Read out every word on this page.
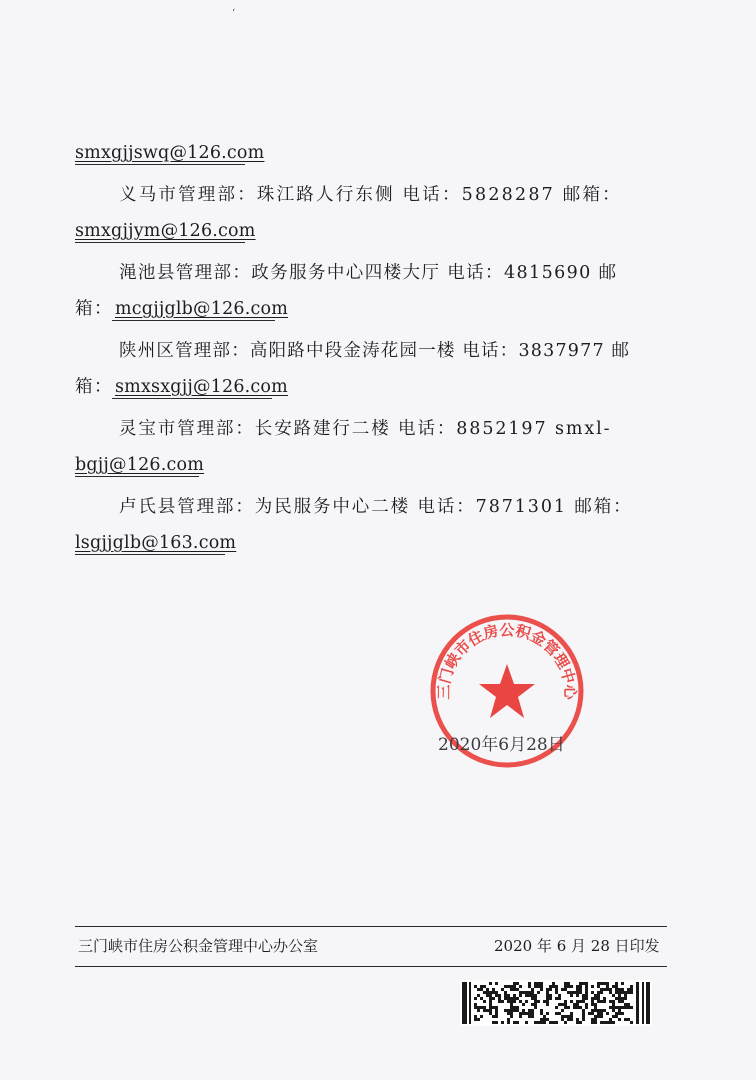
ʻ
smxgjjswq@126.com
义马市管理部：珠江路人行东侧 电话：5828287 邮箱：
smxgjjym@126.com
渑池县管理部：政务服务中心四楼大厅 电话：4815690 邮
箱： mcgjjglb@126.com
陕州区管理部：高阳路中段金涛花园一楼 电话：3837977 邮
箱： smxsxgjj@126.com
灵宝市管理部：长安路建行二楼 电话：8852197 smxl-
bgjj@126.com
卢氏县管理部：为民服务中心二楼 电话：7871301 邮箱：
lsgjjglb@163.com
三门峡市住房公积金管理中心
2020年6月28日
三门峡市住房公积金管理中心办公室	2020 年 6 月 28 日印发
